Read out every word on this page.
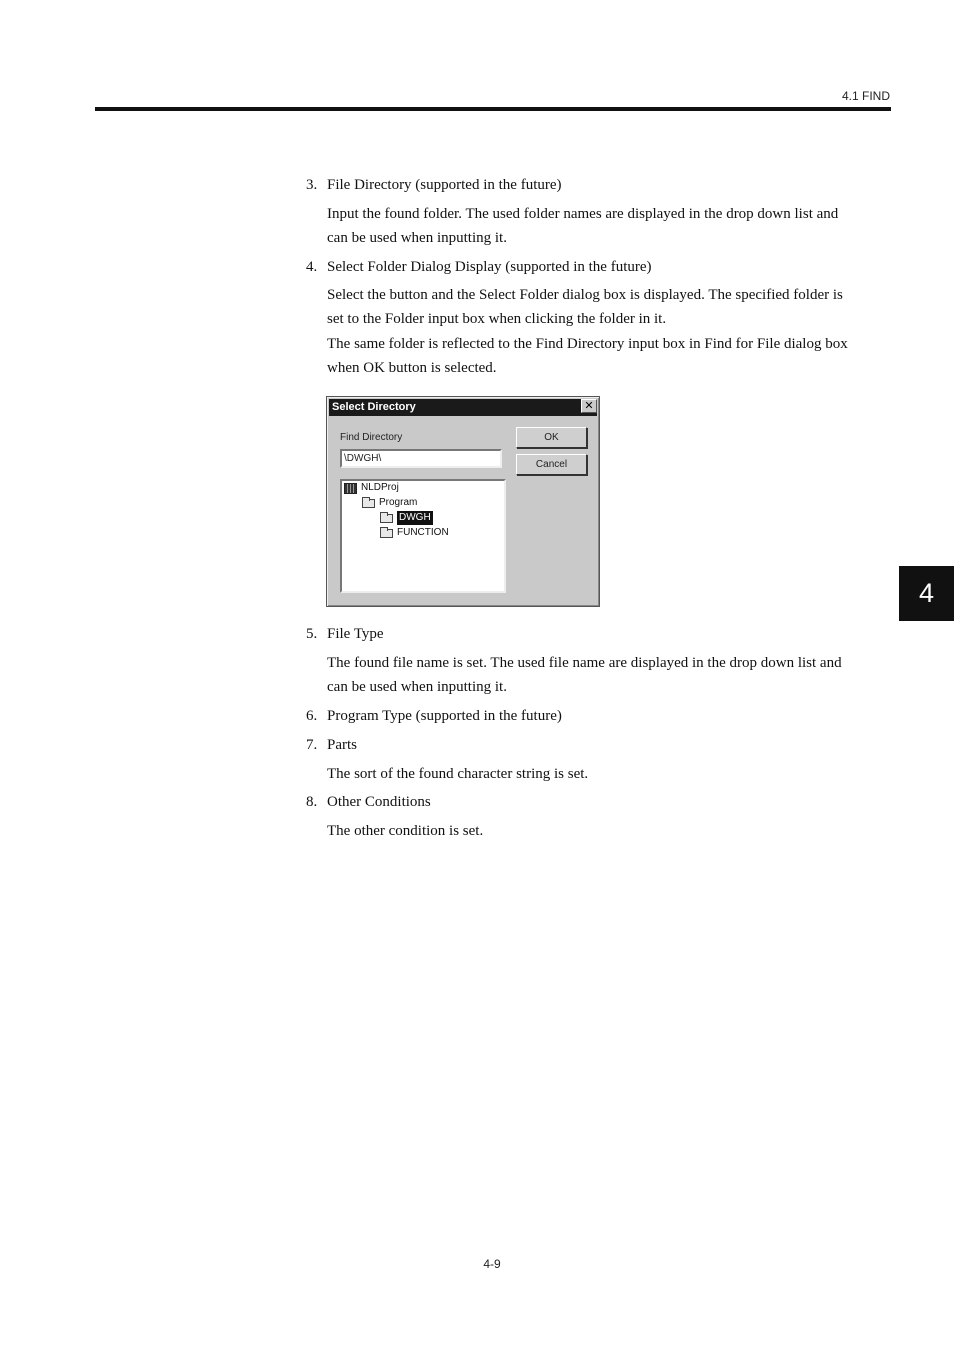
4.1 FIND
4
3. File Directory (supported in the future)
Input the found folder. The used folder names are displayed in the drop down list and
can be used when inputting it.
4. Select Folder Dialog Display (supported in the future)
Select the button and the Select Folder dialog box is displayed. The specified folder is
set to the Folder input box when clicking the folder in it.
The same folder is reflected to the Find Directory input box in Find for File dialog box
when OK button is selected.
Select Directory	✕
Find Directory
\DWGH\
OK
Cancel
NLDProj
Program
DWGH
FUNCTION
5. File Type
The found file name is set. The used file name are displayed in the drop down list and
can be used when inputting it.
6. Program Type (supported in the future)
7. Parts
The sort of the found character string is set.
8. Other Conditions
The other condition is set.
4-9
